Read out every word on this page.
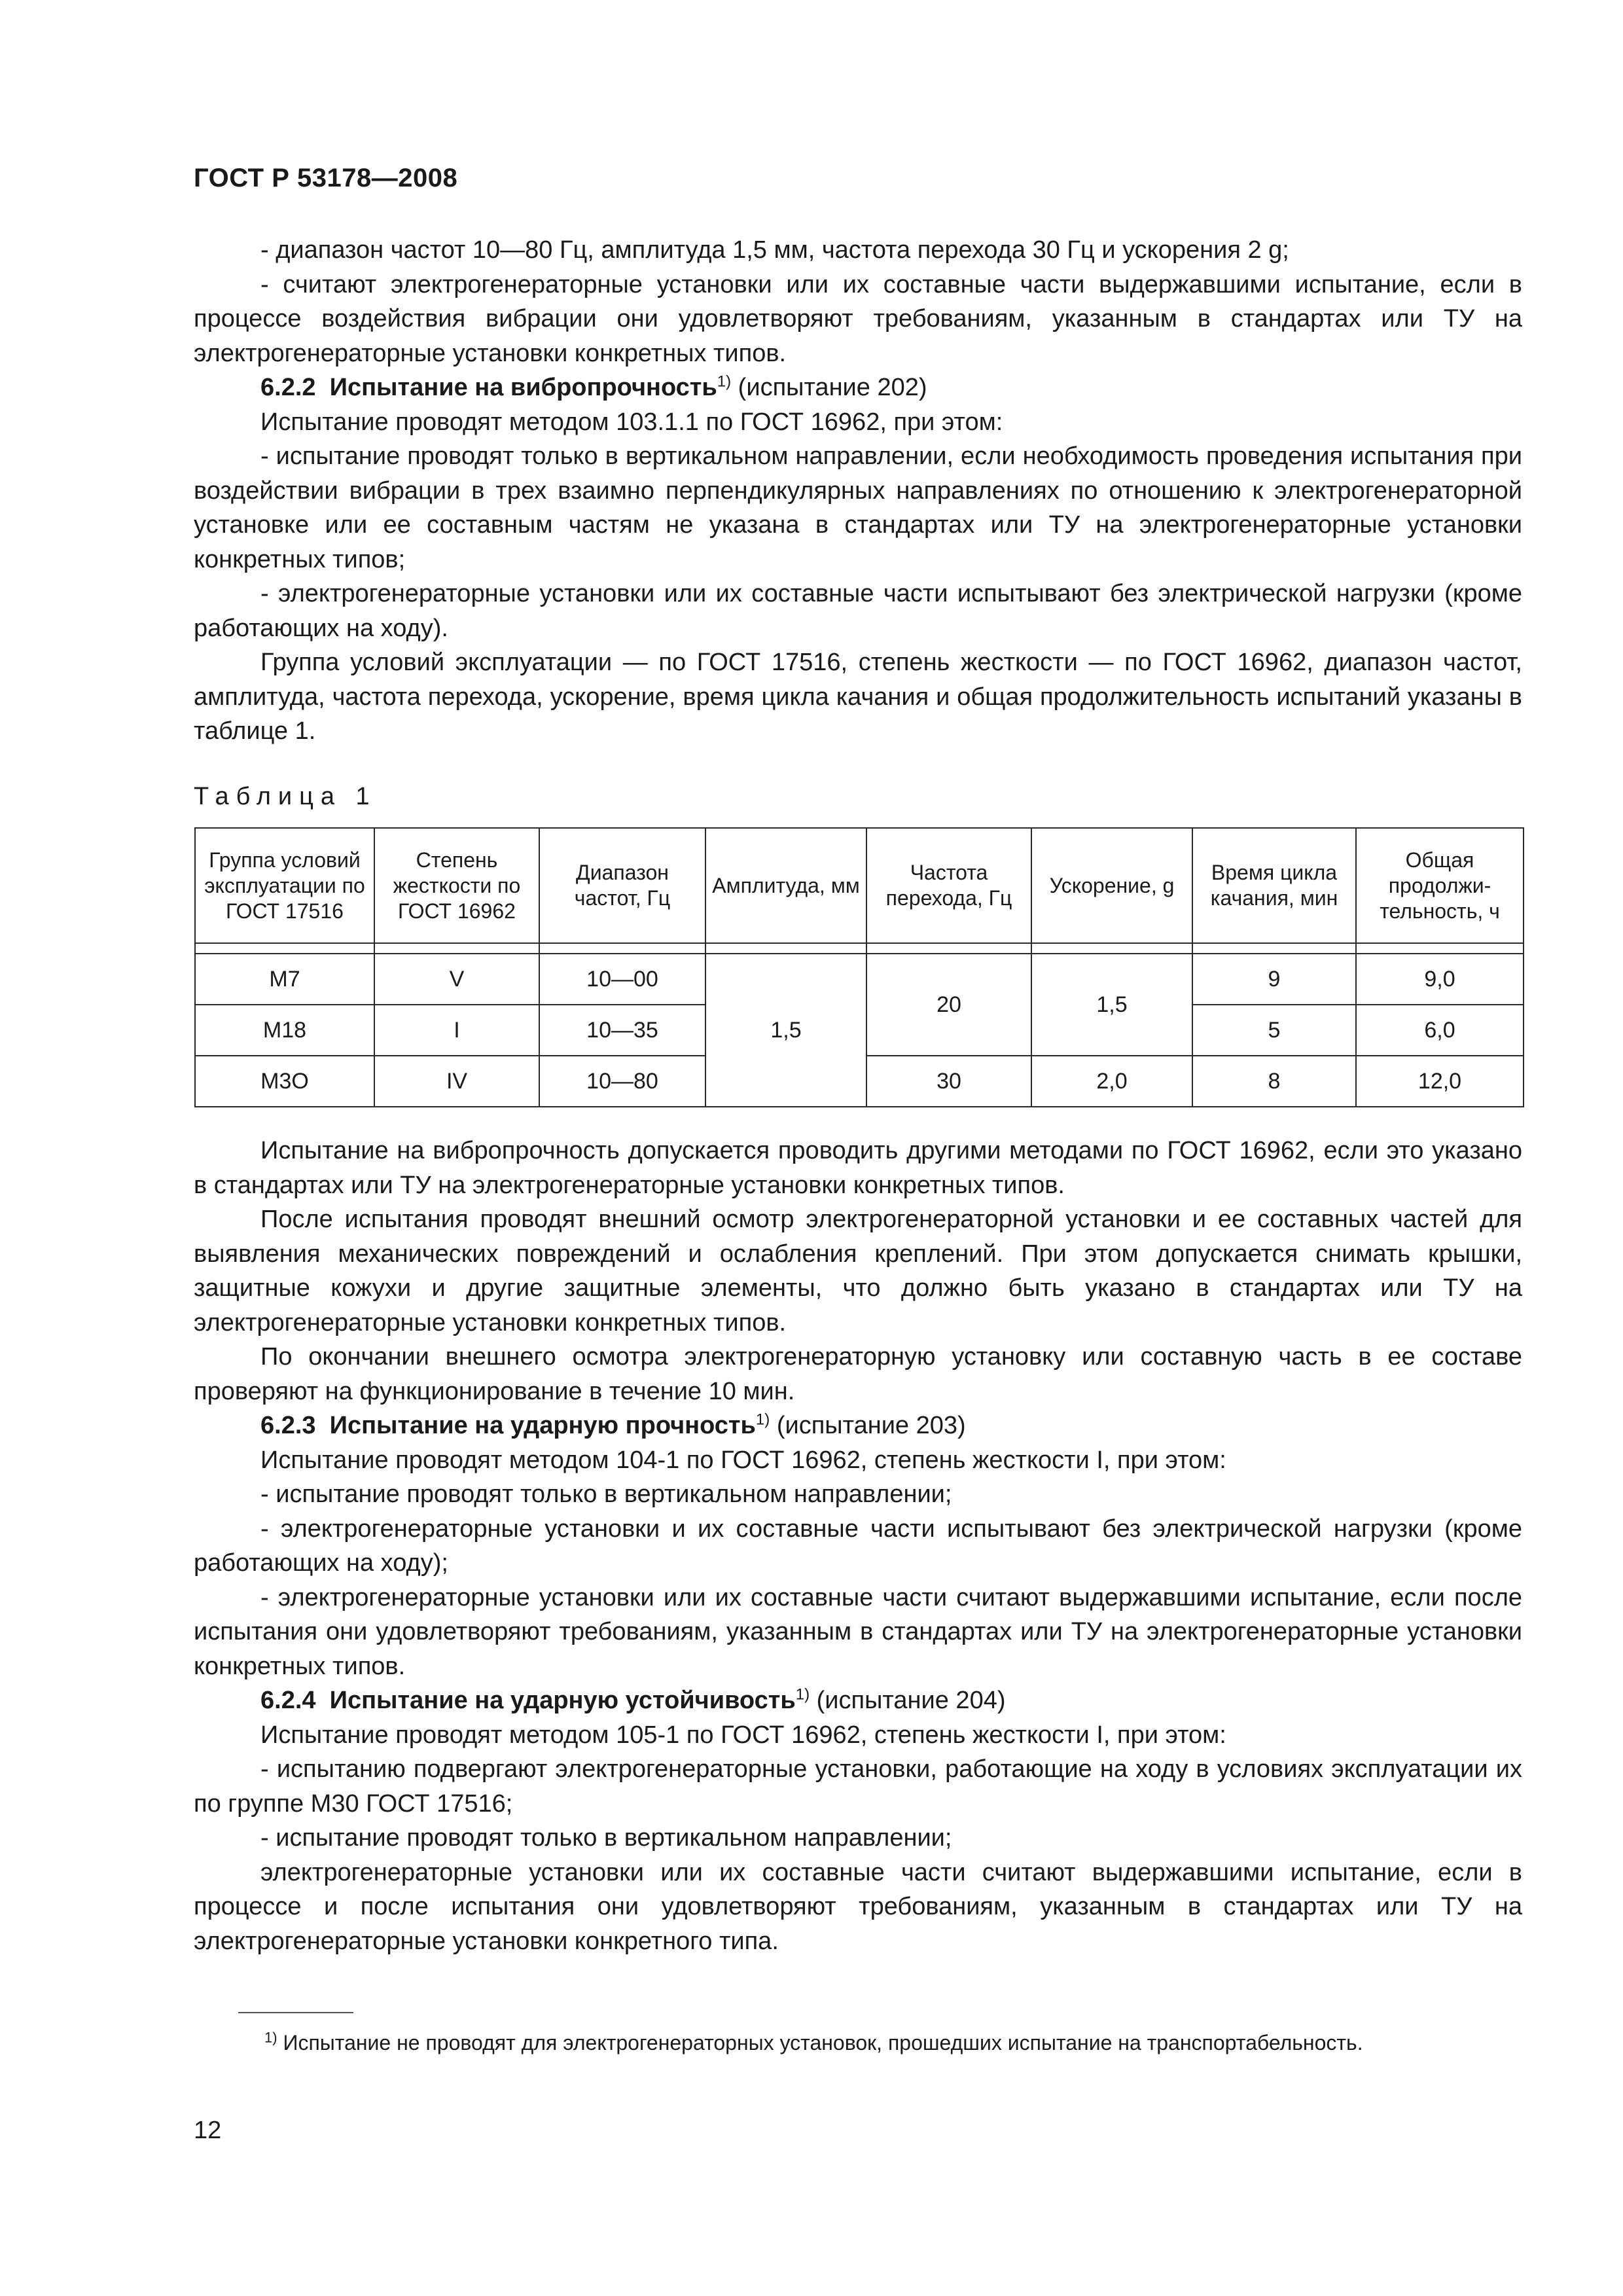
ГОСТ Р 53178—2008

- диапазон частот 10—80 Гц, амплитуда 1,5 мм, частота перехода 30 Гц и ускорения 2 g;

- считают электрогенераторные установки или их составные части выдержавшими испытание, если в процессе воздействия вибрации они удовлетворяют требованиям, указанным в стандартах или ТУ на электрогенераторные установки конкретных типов.

6.2.2 Испытание на вибропрочность$^{1)}$ (испытание 202)

Испытание проводят методом 103.1.1 по ГОСТ 16962, при этом:

- испытание проводят только в вертикальном направлении, если необходимость проведения испытания при воздействии вибрации в трех взаимно перпендикулярных направлениях по отношению к электрогенераторной установке или ее составным частям не указана в стандартах или ТУ на электрогенераторные установки конкретных типов;

- электрогенераторные установки или их составные части испытывают без электрической нагрузки (кроме работающих на ходу).

Группа условий эксплуатации — по ГОСТ 17516, степень жесткости — по ГОСТ 16962, диапазон частот, амплитуда, частота перехода, ускорение, время цикла качания и общая продолжительность испытаний указаны в таблице 1.

Таблица 1
Группа условий эксплуатации по ГОСТ 17516	Степень жесткости по ГОСТ 16962	Диапазон частот, Гц	Амплитуда, мм	Частота перехода, Гц	Ускорение, g	Время цикла качания, мин	Общая продолжи-тельность, ч

М7	V	10—00	1,5	20	1,5	9	9,0
М18	I	10—35				5	6,0
М3О	IV	10—80		30	2,0	8	12,0

Испытание на вибропрочность допускается проводить другими методами по ГОСТ 16962, если это указано в стандартах или ТУ на электрогенераторные установки конкретных типов.

После испытания проводят внешний осмотр электрогенераторной установки и ее составных частей для выявления механических повреждений и ослабления креплений. При этом допускается снимать крышки, защитные кожухи и другие защитные элементы, что должно быть указано в стандартах или ТУ на электрогенераторные установки конкретных типов.

По окончании внешнего осмотра электрогенераторную установку или составную часть в ее составе проверяют на функционирование в течение 10 мин.

6.2.3 Испытание на ударную прочность$^{1)}$ (испытание 203)

Испытание проводят методом 104-1 по ГОСТ 16962, степень жесткости I, при этом:

- испытание проводят только в вертикальном направлении;

- электрогенераторные установки и их составные части испытывают без электрической нагрузки (кроме работающих на ходу);

- электрогенераторные установки или их составные части считают выдержавшими испытание, если после испытания они удовлетворяют требованиям, указанным в стандартах или ТУ на электрогенераторные установки конкретных типов.

6.2.4 Испытание на ударную устойчивость$^{1)}$ (испытание 204)

Испытание проводят методом 105-1 по ГОСТ 16962, степень жесткости I, при этом:

- испытанию подвергают электрогенераторные установки, работающие на ходу в условиях эксплуатации их по группе М30 ГОСТ 17516;

- испытание проводят только в вертикальном направлении;

электрогенераторные установки или их составные части считают выдержавшими испытание, если в процессе и после испытания они удовлетворяют требованиям, указанным в стандартах или ТУ на электрогенераторные установки конкретного типа.

$^{1)}$ Испытание не проводят для электрогенераторных установок, прошедших испытание на транспортабельность.

12
